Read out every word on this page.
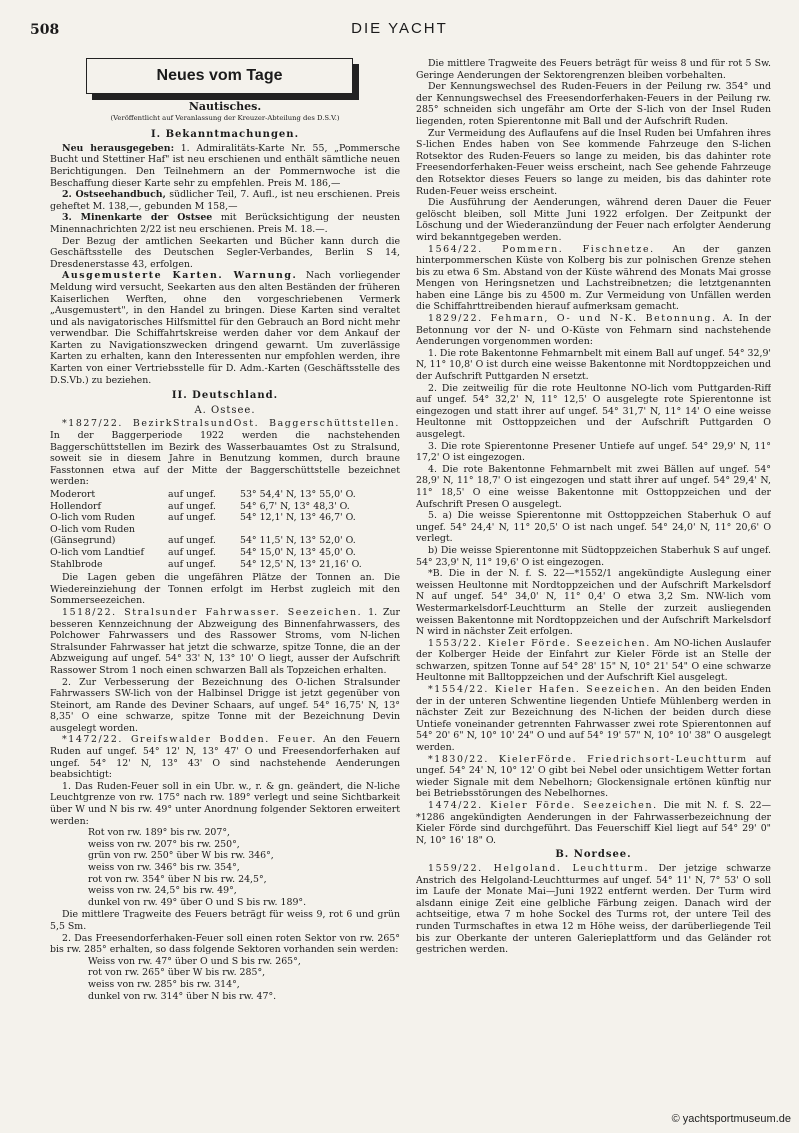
508	DIE YACHT
Neues vom Tage
Nautisches.
(Veröffentlicht auf Veranlassung der Kreuzer-Abteilung des D.S.V.)
I. Bekanntmachungen.

Neu herausgegeben: 1. Admiralitäts-Karte Nr. 55, „Pommersche Bucht und Stettiner Haf" ist neu erschienen und enthält sämtliche neuen Berichtigungen. Den Teilnehmern an der Pommernwoche ist die Beschaffung dieser Karte sehr zu empfehlen. Preis M. 186,—

2. Ostseehandbuch, südlicher Teil, 7. Aufl., ist neu erschienen. Preis geheftet M. 138,—, gebunden M 158,—

3. Minenkarte der Ostsee mit Berücksichtigung der neusten Minennachrichten 2/22 ist neu erschienen. Preis M. 18.—.

Der Bezug der amtlichen Seekarten und Bücher kann durch die Geschäftsstelle des Deutschen Segler-Verbandes, Berlin S 14, Dresdenerstasse 43, erfolgen.

Ausgemusterte Karten. Warnung. Nach vorliegender Meldung wird versucht, Seekarten aus den alten Beständen der früheren Kaiserlichen Werften, ohne den vorgeschriebenen Vermerk „Ausgemustert", in den Handel zu bringen. Diese Karten sind veraltet und als navigatorisches Hilfsmittel für den Gebrauch an Bord nicht mehr verwendbar. Die Schiffahrtskreise werden daher vor dem Ankauf der Karten zu Navigationszwecken dringend gewarnt. Um zuverlässige Karten zu erhalten, kann den Interessenten nur empfohlen werden, ihre Karten von einer Vertriebsstelle für D. Adm.-Karten (Geschäftsstelle des D.S.Vb.) zu beziehen.

II. Deutschland.
A. Ostsee.

*1827/22. BezirkStralsundOst. Baggerschüttstellen. In der Baggerperiode 1922 werden die nachstehenden Baggerschüttstellen im Bezirk des Wasserbauamtes Ost zu Stralsund, soweit sie in diesem Jahre in Benutzung kommen, durch braune Fasstonnen etwa auf der Mitte der Baggerschüttstelle bezeichnet werden:

Moderort	auf ungef.	53° 54,4' N, 13° 55,0' O.
Hollendorf	auf ungef.	54° 6,7' N, 13° 48,3' O.
O-lich vom Ruden	auf ungef.	54° 12,1' N, 13° 46,7' O.
O-lich vom Ruden
(Gänsegrund)	auf ungef.	54° 11,5' N, 13° 52,0' O.
O-lich vom Landtief	auf ungef.	54° 15,0' N, 13° 45,0' O.
Stahlbrode	auf ungef.	54° 12,5' N, 13° 21,16' O.

Die Lagen geben die ungefähren Plätze der Tonnen an. Die Wiedereinziehung der Tonnen erfolgt im Herbst zugleich mit den Sommerseezeichen.

1518/22. Stralsunder Fahrwasser. Seezeichen. 1. Zur besseren Kennzeichnung der Abzweigung des Binnenfahrwassers, des Polchower Fahrwassers und des Rassower Stroms, vom N-lichen Stralsunder Fahrwasser hat jetzt die schwarze, spitze Tonne, die an der Abzweigung auf ungef. 54° 33' N, 13° 10' O liegt, ausser der Aufschrift Rassower Strom 1 noch einen schwarzen Ball als Topzeichen erhalten.

2. Zur Verbesserung der Bezeichnung des O-lichen Stralsunder Fahrwassers SW-lich von der Halbinsel Drigge ist jetzt gegenüber von Steinort, am Rande des Deviner Schaars, auf ungef. 54° 16,75' N, 13° 8,35' O eine schwarze, spitze Tonne mit der Bezeichnung Devin ausgelegt worden.

*1472/22. Greifswalder Bodden. Feuer. An den Feuern Ruden auf ungef. 54° 12' N, 13° 47' O und Freesendorferhaken auf ungef. 54° 12' N, 13° 43' O sind nachstehende Aenderungen beabsichtigt:

1. Das Ruden-Feuer soll in ein Ubr. w., r. & gn. geändert, die N-liche Leuchtgrenze von rw. 175° nach rw. 189° verlegt und seine Sichtbarkeit über W und N bis rw. 49° unter Anordnung folgender Sektoren erweitert werden:

Rot von rw. 189° bis rw. 207°,
weiss von rw. 207° bis rw. 250°,
grün von rw. 250° über W bis rw. 346°,
weiss von rw. 346° bis rw. 354°,
rot von rw. 354° über N bis rw. 24,5°,
weiss von rw. 24,5° bis rw. 49°,
dunkel von rw. 49° über O und S bis rw. 189°.

Die mittlere Tragweite des Feuers beträgt für weiss 9, rot 6 und grün 5,5 Sm.

2. Das Freesendorferhaken-Feuer soll einen roten Sektor von rw. 265° bis rw. 285° erhalten, so dass folgende Sektoren vorhanden sein werden:

Weiss von rw. 47° über O und S bis rw. 265°,
rot von rw. 265° über W bis rw. 285°,
weiss von rw. 285° bis rw. 314°,
dunkel von rw. 314° über N bis rw. 47°.

Die mittlere Tragweite des Feuers beträgt für weiss 8 und für rot 5 Sw. Geringe Aenderungen der Sektorengrenzen bleiben vorbehalten.

Der Kennungswechsel des Ruden-Feuers in der Peilung rw. 354° und der Kennungswechsel des Freesendorferhaken-Feuers in der Peilung rw. 285° schneiden sich ungefähr am Orte der S-lich von der Insel Ruden liegenden, roten Spierentonne mit Ball und der Aufschrift Ruden.

Zur Vermeidung des Auflaufens auf die Insel Ruden bei Umfahren ihres S-lichen Endes haben von See kommende Fahrzeuge den S-lichen Rotsektor des Ruden-Feuers so lange zu meiden, bis das dahinter rote Freesendorferhaken-Feuer weiss erscheint, nach See gehende Fahrzeuge den Rotsektor dieses Feuers so lange zu meiden, bis das dahinter rote Ruden-Feuer weiss erscheint.

Die Ausführung der Aenderungen, während deren Dauer die Feuer gelöscht bleiben, soll Mitte Juni 1922 erfolgen. Der Zeitpunkt der Löschung und der Wiederanzündung der Feuer nach erfolgter Aenderung wird bekanntgegeben werden.

1564/22. Pommern. Fischnetze. An der ganzen hinterpommerschen Küste von Kolberg bis zur polnischen Grenze stehen bis zu etwa 6 Sm. Abstand von der Küste während des Monats Mai grosse Mengen von Heringsnetzen und Lachstreibnetzen; die letztgenannten haben eine Länge bis zu 4500 m. Zur Vermeidung von Unfällen werden die Schiffahrttreibenden hierauf aufmerksam gemacht.

1829/22. Fehmarn, O- und N-K. Betonnung. A. In der Betonnung vor der N- und O-Küste von Fehmarn sind nachstehende Aenderungen vorgenommen worden:

1. Die rote Bakentonne Fehmarnbelt mit einem Ball auf ungef. 54° 32,9' N, 11° 10,8' O ist durch eine weisse Bakentonne mit Nordtoppzeichen und der Aufschrift Puttgarden N ersetzt.

2. Die zeitweilig für die rote Heultonne NO-lich vom Puttgarden-Riff auf ungef. 54° 32,2' N, 11° 12,5' O ausgelegte rote Spierentonne ist eingezogen und statt ihrer auf ungef. 54° 31,7' N, 11° 14' O eine weisse Heultonne mit Osttoppzeichen und der Aufschrift Puttgarden O ausgelegt.

3. Die rote Spierentonne Presener Untiefe auf ungef. 54° 29,9' N, 11° 17,2' O ist eingezogen.

4. Die rote Bakentonne Fehmarnbelt mit zwei Bällen auf ungef. 54° 28,9' N, 11° 18,7' O ist eingezogen und statt ihrer auf ungef. 54° 29,4' N, 11° 18,5' O eine weisse Bakentonne mit Osttoppzeichen und der Aufschrift Presen O ausgelegt.

5. a) Die weisse Spierentonne mit Osttoppzeichen Staberhuk O auf ungef. 54° 24,4' N, 11° 20,5' O ist nach ungef. 54° 24,0' N, 11° 20,6' O verlegt.

b) Die weisse Spierentonne mit Südtoppzeichen Staberhuk S auf ungef. 54° 23,9' N, 11° 19,6' O ist eingezogen.

*B. Die in der N. f. S. 22—*1552/1 angekündigte Auslegung einer weissen Heultonne mit Nordtoppzeichen und der Aufschrift Markelsdorf N auf ungef. 54° 34,0' N, 11° 0,4' O etwa 3,2 Sm. NW-lich vom Westermarkelsdorf-Leuchtturm an Stelle der zurzeit ausliegenden weissen Bakentonne mit Nordtoppzeichen und der Aufschrift Markelsdorf N wird in nächster Zeit erfolgen.

1553/22. Kieler Förde. Seezeichen. Am NO-lichen Auslaufer der Kolberger Heide der Einfahrt zur Kieler Förde ist an Stelle der schwarzen, spitzen Tonne auf 54° 28' 15" N, 10° 21' 54" O eine schwarze Heultonne mit Balltoppzeichen und der Aufschrift Kiel ausgelegt.

*1554/22. Kieler Hafen. Seezeichen. An den beiden Enden der in der unteren Schwentine liegenden Untiefe Mühlenberg werden in nächster Zeit zur Bezeichnung des N-lichen der beiden durch diese Untiefe voneinander getrennten Fahrwasser zwei rote Spierentonnen auf 54° 20' 6" N, 10° 10' 24" O und auf 54° 19' 57" N, 10° 10' 38" O ausgelegt werden.

*1830/22. KielerFörde. Friedrichsort-Leuchtturm auf ungef. 54° 24' N, 10° 12' O gibt bei Nebel oder unsichtigem Wetter fortan wieder Signale mit dem Nebelhorn; Glockensignale ertönen künftig nur bei Betriebsstörungen des Nebelhornes.

1474/22. Kieler Förde. Seezeichen. Die mit N. f. S. 22—*1286 angekündigten Aenderungen in der Fahrwasserbezeichnung der Kieler Förde sind durchgeführt. Das Feuerschiff Kiel liegt auf 54° 29' 0" N, 10° 16' 18" O.

B. Nordsee.

1559/22. Helgoland. Leuchtturm. Der jetzige schwarze Anstrich des Helgoland-Leuchtturmes auf ungef. 54° 11' N, 7° 53' O soll im Laufe der Monate Mai—Juni 1922 entfernt werden. Der Turm wird alsdann einige Zeit eine gelbliche Färbung zeigen. Danach wird der achtseitige, etwa 7 m hohe Sockel des Turms rot, der untere Teil des runden Turmschaftes in etwa 12 m Höhe weiss, der darüberliegende Teil bis zur Oberkante der unteren Galerieplattform und das Geländer rot gestrichen werden.

© yachtsportmuseum.de
